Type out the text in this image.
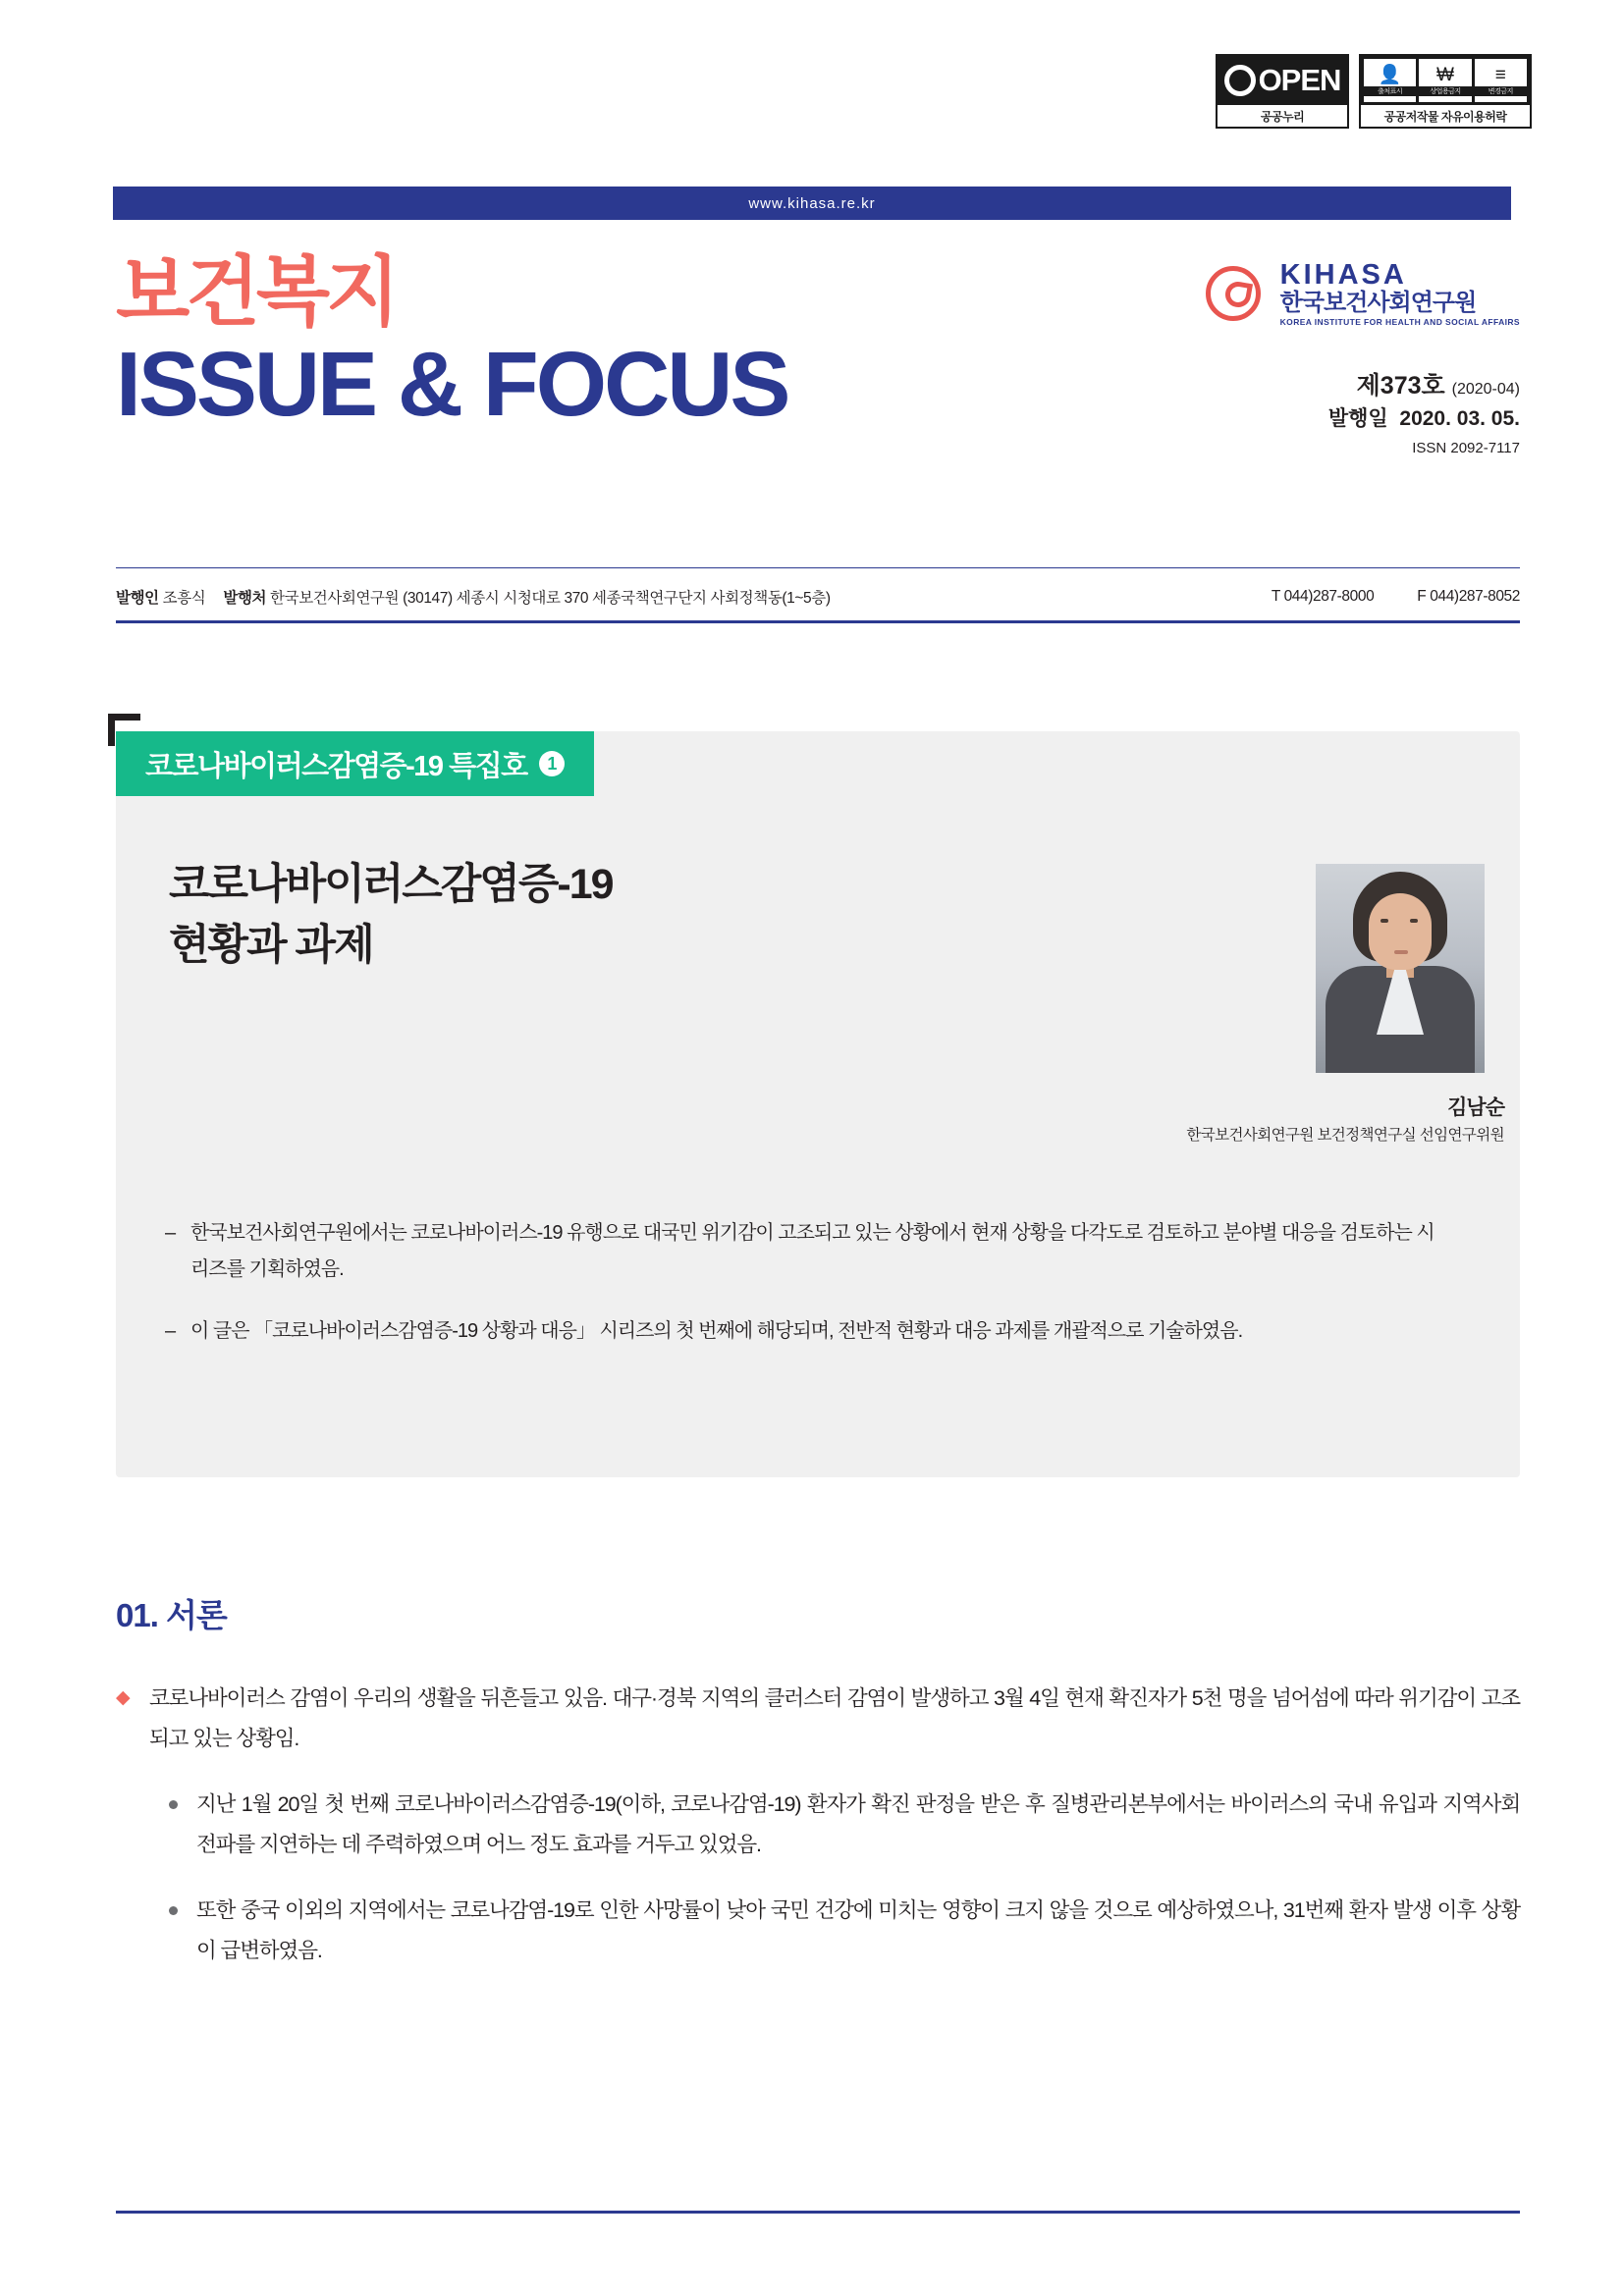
OPEN
공공누리
👤
출처표시
₩
상업용금지
≡
변경금지
공공저작물 자유이용허락
www.kihasa.re.kr
보건복지
ISSUE & FOCUS
KIHASA
한국보건사회연구원
KOREA INSTITUTE FOR HEALTH AND SOCIAL AFFAIRS
제373호 (2020-04)
발행일 2020. 03. 05.
ISSN 2092-7117
발행인 조흥식 발행처 한국보건사회연구원 (30147) 세종시 시청대로 370 세종국책연구단지 사회정책동(1~5층)	T 044)287-8000	F 044)287-8052
코로나바이러스감염증-19 특집호	1
코로나바이러스감염증-19
현황과 과제
김남순
한국보건사회연구원 보건정책연구실 선임연구위원
– 한국보건사회연구원에서는 코로나바이러스-19 유행으로 대국민 위기감이 고조되고 있는 상황에서 현재 상황을 다각도로 검토하고 분야별 대응을 검토하는 시리즈를 기획하였음.
– 이 글은 「코로나바이러스감염증-19 상황과 대응」 시리즈의 첫 번째에 해당되며, 전반적 현황과 대응 과제를 개괄적으로 기술하였음.
01. 서론
◆ 코로나바이러스 감염이 우리의 생활을 뒤흔들고 있음. 대구·경북 지역의 클러스터 감염이 발생하고 3월 4일 현재 확진자가 5천 명을 넘어섬에 따라 위기감이 고조되고 있는 상황임.
지난 1월 20일 첫 번째 코로나바이러스감염증-19(이하, 코로나감염-19) 환자가 확진 판정을 받은 후 질병관리본부에서는 바이러스의 국내 유입과 지역사회 전파를 지연하는 데 주력하였으며 어느 정도 효과를 거두고 있었음.
또한 중국 이외의 지역에서는 코로나감염-19로 인한 사망률이 낮아 국민 건강에 미치는 영향이 크지 않을 것으로 예상하였으나, 31번째 환자 발생 이후 상황이 급변하였음.
